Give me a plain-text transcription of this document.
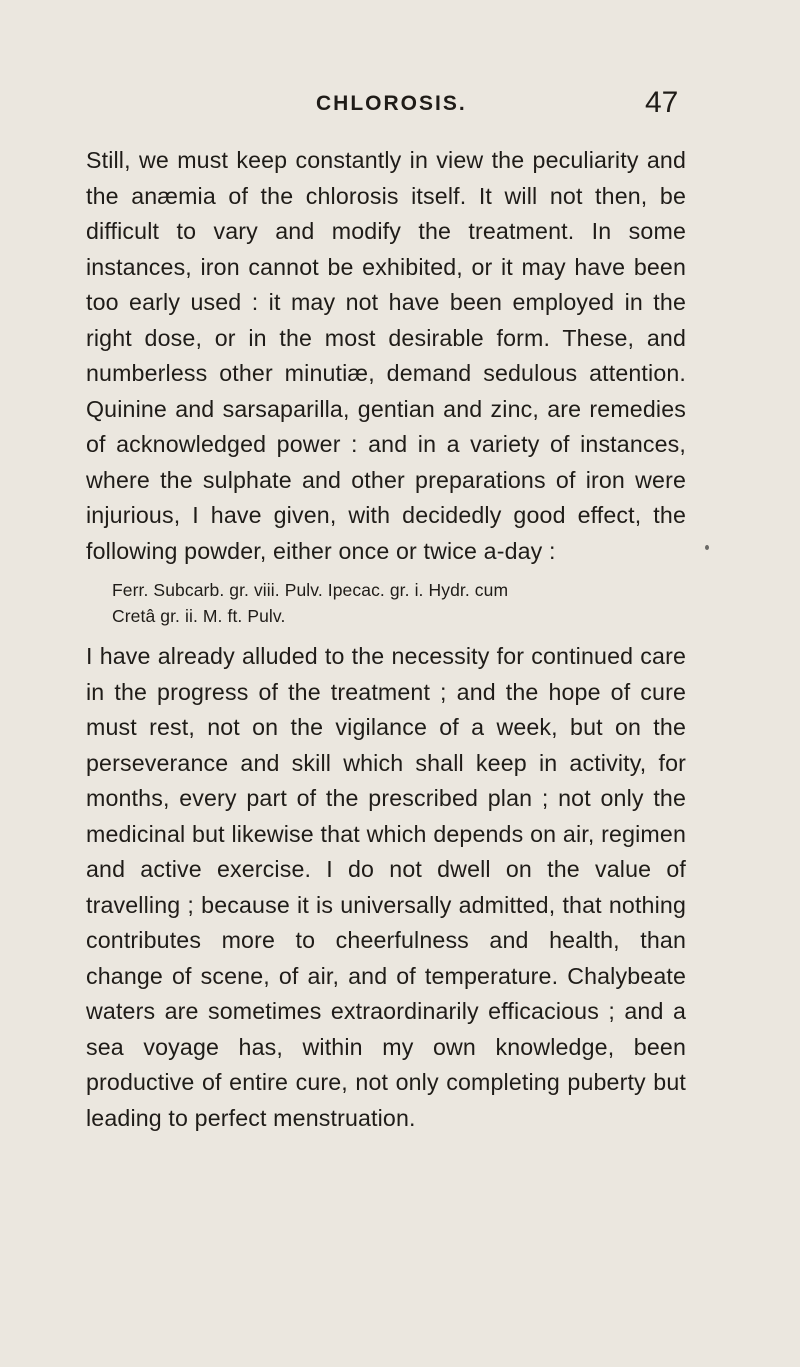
CHLOROSIS.	47

Still, we must keep constantly in view the peculiarity and the anæmia of the chlorosis itself. It will not then, be difficult to vary and modify the treatment. In some instances, iron cannot be exhibited, or it may have been too early used : it may not have been employed in the right dose, or in the most desirable form. These, and numberless other minutiæ, demand sedulous attention. Quinine and sarsaparilla, gentian and zinc, are remedies of acknowledged power : and in a variety of instances, where the sulphate and other preparations of iron were injurious, I have given, with decidedly good effect, the following powder, either once or twice a-day :

Ferr. Subcarb. gr. viii. Pulv. Ipecac. gr. i. Hydr. cum
Cretâ gr. ii. M. ft. Pulv.

I have already alluded to the necessity for continued care in the progress of the treatment ; and the hope of cure must rest, not on the vigilance of a week, but on the perseverance and skill which shall keep in activity, for months, every part of the prescribed plan ; not only the medicinal but likewise that which depends on air, regimen and active exercise. I do not dwell on the value of travelling ; because it is universally admitted, that nothing contributes more to cheerfulness and health, than change of scene, of air, and of temperature. Chalybeate waters are sometimes extraordinarily efficacious ; and a sea voyage has, within my own knowledge, been productive of entire cure, not only completing puberty but leading to perfect menstruation.
